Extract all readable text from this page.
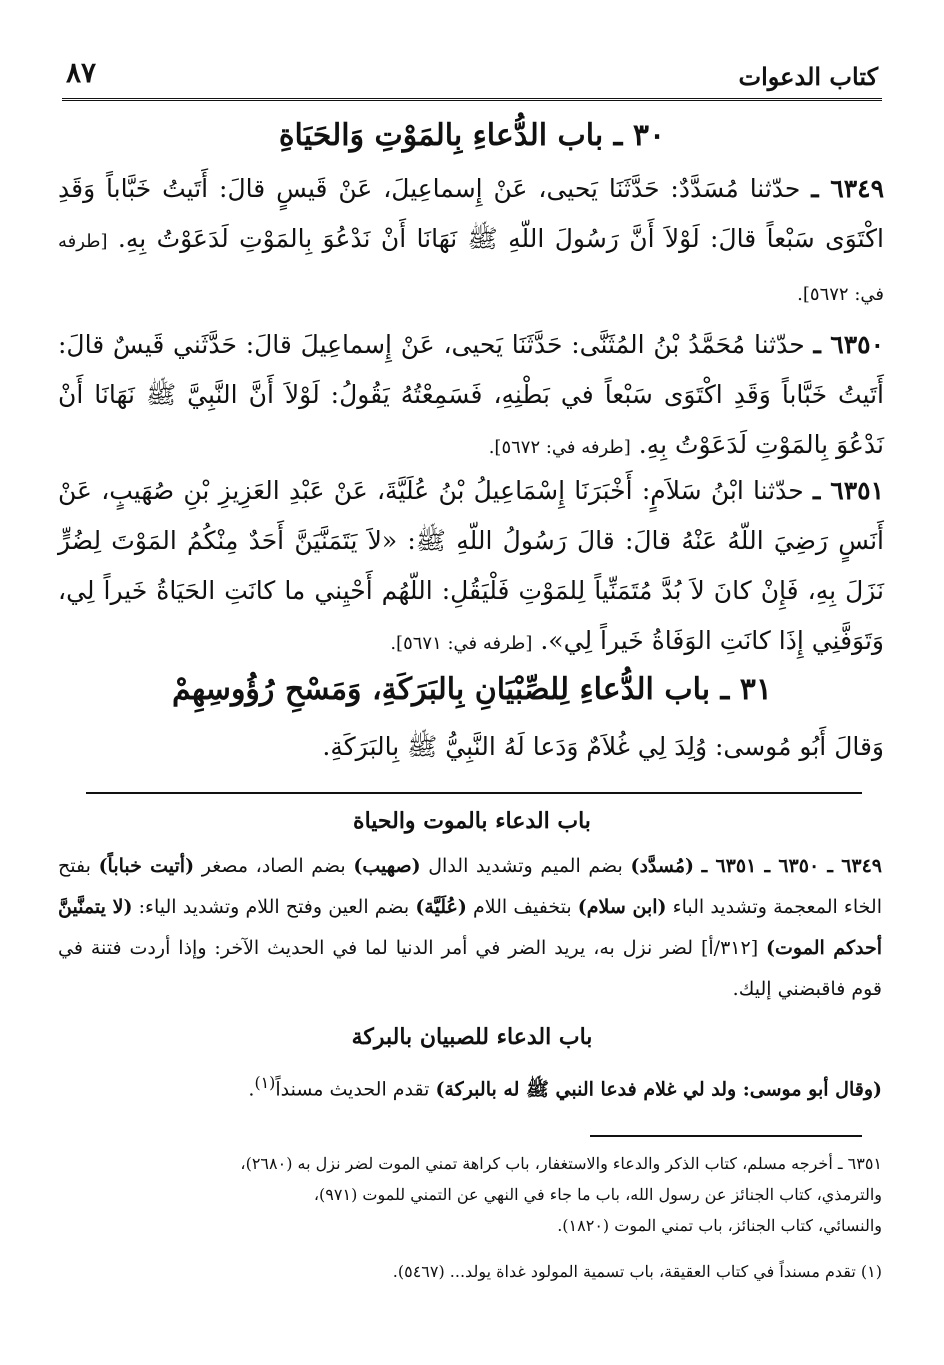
كتاب الدعوات
٨٧
٣٠ ـ باب الدُّعاءِ بِالمَوْتِ وَالحَيَاةِ
٦٣٤٩ ـ حدّثنا مُسَدَّدٌ: حَدَّثَنَا يَحيى، عَنْ إِسماعِيلَ، عَنْ قَيسٍ قالَ: أَتَيتُ خَبَّاباً وَقَدِ اكْتَوَى سَبْعاً قالَ: لَوْلاَ أَنَّ رَسُولَ اللّهِ ﷺ نَهَانَا أَنْ نَدْعُوَ بِالمَوْتِ لَدَعَوْتُ بِهِ. [طرفه في: ٥٦٧٢].
٦٣٥٠ ـ حدّثنا مُحَمَّدُ بْنُ المُثَنَّى: حَدَّثَنَا يَحيى، عَنْ إِسماعِيلَ قالَ: حَدَّثَني قَيسٌ قالَ: أَتَيتُ خَبَّاباً وَقَدِ اكْتَوَى سَبْعاً في بَطْنِهِ، فَسَمِعْتُهُ يَقُولُ: لَوْلاَ أَنَّ النَّبِيَّ ﷺ نَهَانَا أَنْ نَدْعُوَ بِالمَوْتِ لَدَعَوْتُ بِهِ. [طرفه في: ٥٦٧٢].
٦٣٥١ ـ حدّثنا ابْنُ سَلاَمٍ: أَخْبَرَنَا إِسْمَاعِيلُ بْنُ عُلَيَّةَ، عَنْ عَبْدِ العَزِيزِ بْنِ صُهَيبٍ، عَنْ أَنَسٍ رَضِيَ اللّهُ عَنْهُ قالَ: قالَ رَسُولُ اللّهِ ﷺ: «لاَ يَتَمَنَّيَنَّ أَحَدٌ مِنْكُمُ المَوْتَ لِضُرٍّ نَزَلَ بِهِ، فَإِنْ كانَ لاَ بُدَّ مُتَمَنِّياً لِلمَوْتِ فَلْيَقُلِ: اللّهُم أَحْيِني ما كانَتِ الحَيَاةُ خَيراً لِي، وَتَوَفَّنِي إِذَا كانَتِ الوَفَاةُ خَيراً لِي». [طرفه في: ٥٦٧١].
٣١ ـ باب الدُّعاءِ لِلصِّبْيَانِ بِالبَرَكَةِ، وَمَسْحِ رُؤُوسِهِمْ
وَقالَ أَبُو مُوسى: وُلِدَ لِي غُلاَمٌ وَدَعا لَهُ النَّبِيُّ ﷺ بِالبَرَكَةِ.
باب الدعاء بالموت والحياة
٦٣٤٩ ـ ٦٣٥٠ ـ ٦٣٥١ ـ (مُسدَّد) بضم الميم وتشديد الدال (صهيب) بضم الصاد، مصغر (أتيت خباباً) بفتح الخاء المعجمة وتشديد الباء (ابن سلام) بتخفيف اللام (عُلَيَّة) بضم العين وفتح اللام وتشديد الياء: (لا يتمنَّينَّ أحدكم الموت) [٣١٢/أ] لضر نزل به، يريد الضر في أمر الدنيا لما في الحديث الآخر: وإذا أردت فتنة في قوم فاقبضني إليك.
باب الدعاء للصبيان بالبركة
(وقال أبو موسى: ولد لي غلام فدعا النبي ﷺ له بالبركة) تقدم الحديث مسنداً$^{(١)}$.
٦٣٥١ ـ أخرجه مسلم، كتاب الذكر والدعاء والاستغفار، باب كراهة تمني الموت لضر نزل به (٢٦٨٠)،
والترمذي، كتاب الجنائز عن رسول الله، باب ما جاء في النهي عن التمني للموت (٩٧١)،
والنسائي، كتاب الجنائز، باب تمني الموت (١٨٢٠).
(١) تقدم مسنداً في كتاب العقيقة، باب تسمية المولود غداة يولد... (٥٤٦٧).
